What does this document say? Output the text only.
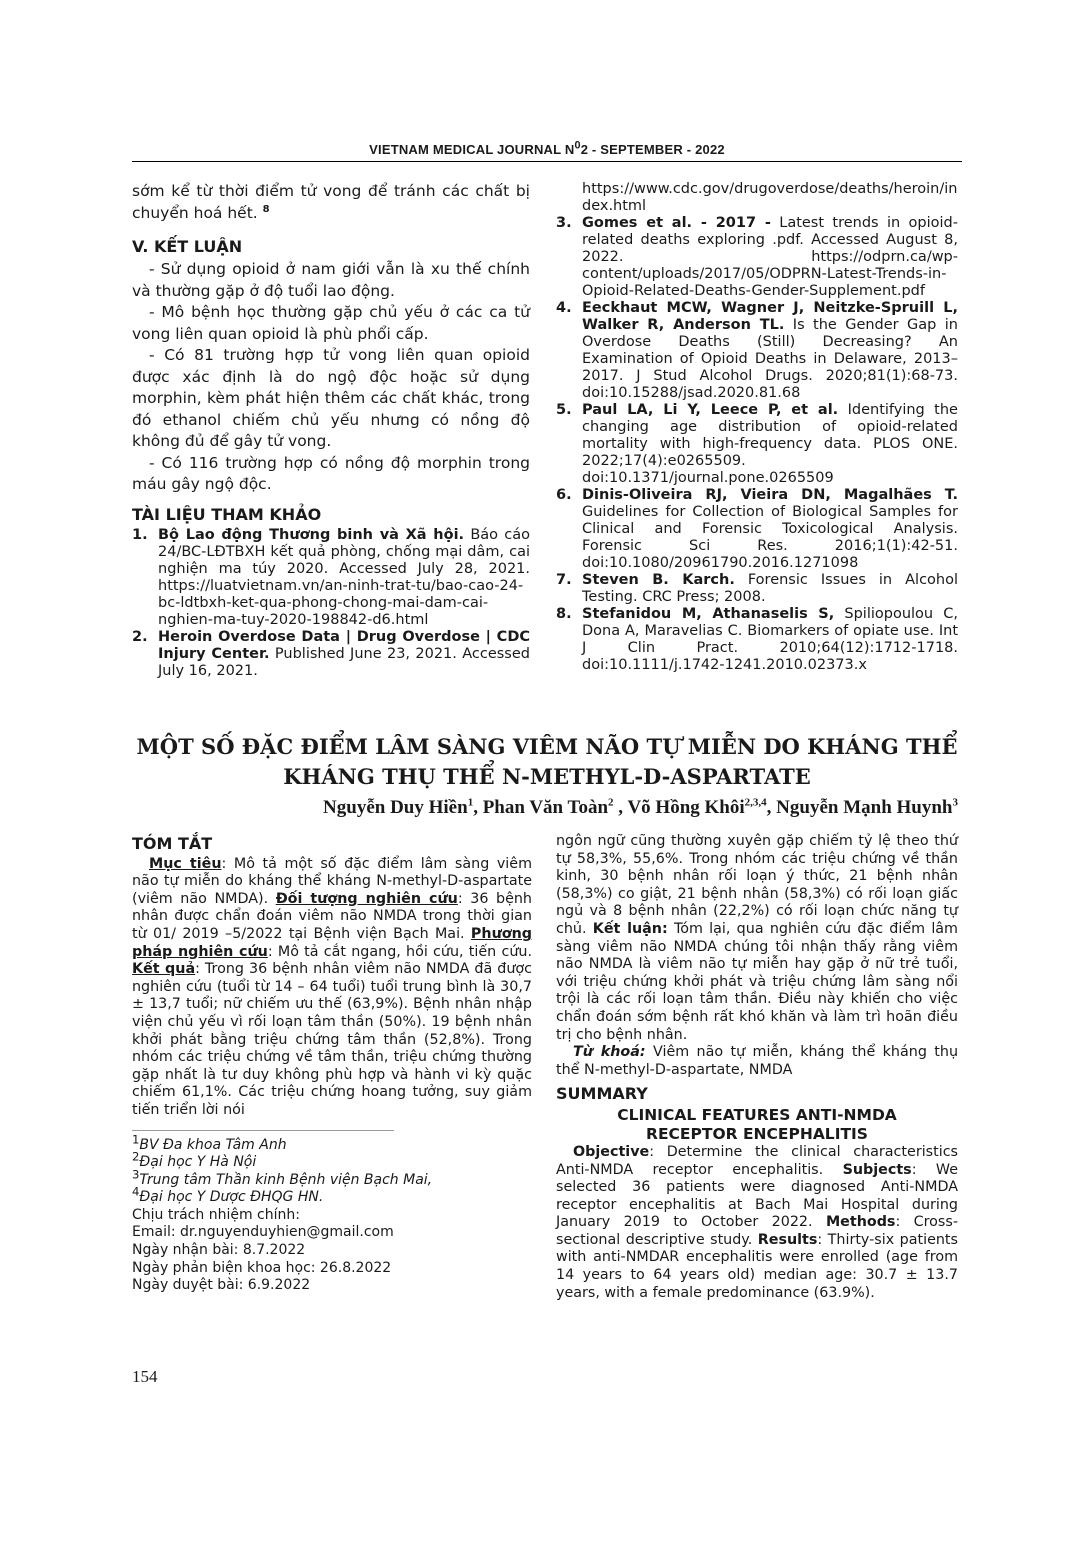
VIETNAM MEDICAL JOURNAL $N^02$ - SEPTEMBER - 2022
sớm kể từ thời điểm tử vong để tránh các chất bị chuyển hoá hết. $^8$
V. KẾT LUẬN
- Sử dụng opioid ở nam giới vẫn là xu thế chính và thường gặp ở độ tuổi lao động.
- Mô bệnh học thường gặp chủ yếu ở các ca tử vong liên quan opioid là phù phổi cấp.
- Có 81 trường hợp tử vong liên quan opioid được xác định là do ngộ độc hoặc sử dụng morphin, kèm phát hiện thêm các chất khác, trong đó ethanol chiếm chủ yếu nhưng có nồng độ không đủ để gây tử vong.
- Có 116 trường hợp có nồng độ morphin trong máu gây ngộ độc.
TÀI LIỆU THAM KHẢO
1. Bộ Lao động Thương binh và Xã hội. Báo cáo 24/BC-LĐTBXH kết quả phòng, chống mại dâm, cai nghiện ma túy 2020. Accessed July 28, 2021. https://luatvietnam.vn/an-ninh-trat-tu/bao-cao-24-bc-ldtbxh-ket-qua-phong-chong-mai-dam-cai-nghien-ma-tuy-2020-198842-d6.html
2. Heroin Overdose Data | Drug Overdose | CDC Injury Center. Published June 23, 2021. Accessed July 16, 2021.
https://www.cdc.gov/drugoverdose/deaths/heroin/index.html
3. Gomes et al. - 2017 - Latest trends in opioid-related deaths exploring .pdf. Accessed August 8, 2022. https://odprn.ca/wp-content/uploads/2017/05/ODPRN-Latest-Trends-in-Opioid-Related-Deaths-Gender-Supplement.pdf
4. Eeckhaut MCW, Wagner J, Neitzke-Spruill L, Walker R, Anderson TL. Is the Gender Gap in Overdose Deaths (Still) Decreasing? An Examination of Opioid Deaths in Delaware, 2013–2017. J Stud Alcohol Drugs. 2020;81(1):68-73. doi:10.15288/jsad.2020.81.68
5. Paul LA, Li Y, Leece P, et al. Identifying the changing age distribution of opioid-related mortality with high-frequency data. PLOS ONE. 2022;17(4):e0265509. doi:10.1371/journal.pone.0265509
6. Dinis-Oliveira RJ, Vieira DN, Magalhães T. Guidelines for Collection of Biological Samples for Clinical and Forensic Toxicological Analysis. Forensic Sci Res. 2016;1(1):42-51. doi:10.1080/20961790.2016.1271098
7. Steven B. Karch. Forensic Issues in Alcohol Testing. CRC Press; 2008.
8. Stefanidou M, Athanaselis S, Spiliopoulou C, Dona A, Maravelias C. Biomarkers of opiate use. Int J Clin Pract. 2010;64(12):1712-1718. doi:10.1111/j.1742-1241.2010.02373.x
MỘT SỐ ĐẶC ĐIỂM LÂM SÀNG VIÊM NÃO TỰ MIỄN DO KHÁNG THỂ
KHÁNG THỤ THỂ N-METHYL-D-ASPARTATE
Nguyễn Duy Hiền$^1$, Phan Văn Toàn$^2$ , Võ Hồng Khôi$^{2,3,4}$, Nguyễn Mạnh Huynh$^3$
TÓM TẮT
Mục tiêu: Mô tả một số đặc điểm lâm sàng viêm não tự miễn do kháng thể kháng N-methyl-D-aspartate (viêm não NMDA). Đối tượng nghiên cứu: 36 bệnh nhân được chẩn đoán viêm não NMDA trong thời gian từ 01/ 2019 –5/2022 tại Bệnh viện Bạch Mai. Phương pháp nghiên cứu: Mô tả cắt ngang, hồi cứu, tiến cứu. Kết quả: Trong 36 bệnh nhân viêm não NMDA đã được nghiên cứu (tuổi từ 14 – 64 tuổi) tuổi trung bình là 30,7 ± 13,7 tuổi; nữ chiếm ưu thế (63,9%). Bệnh nhân nhập viện chủ yếu vì rối loạn tâm thần (50%). 19 bệnh nhân khởi phát bằng triệu chứng tâm thần (52,8%). Trong nhóm các triệu chứng về tâm thần, triệu chứng thường gặp nhất là tư duy không phù hợp và hành vi kỳ quặc chiếm 61,1%. Các triệu chứng hoang tưởng, suy giảm tiến triển lời nói
$^1$BV Đa khoa Tâm Anh
$^2$Đại học Y Hà Nội
$^3$Trung tâm Thần kinh Bệnh viện Bạch Mai,
$^4$Đại học Y Dược ĐHQG HN.
Chịu trách nhiệm chính:
Email: dr.nguyenduyhien@gmail.com
Ngày nhận bài: 8.7.2022
Ngày phản biện khoa học: 26.8.2022
Ngày duyệt bài: 6.9.2022
ngôn ngữ cũng thường xuyên gặp chiếm tỷ lệ theo thứ tự 58,3%, 55,6%. Trong nhóm các triệu chứng về thần kinh, 30 bệnh nhân rối loạn ý thức, 21 bệnh nhân (58,3%) co giật, 21 bệnh nhân (58,3%) có rối loạn giấc ngủ và 8 bệnh nhân (22,2%) có rối loạn chức năng tự chủ. Kết luận: Tóm lại, qua nghiên cứu đặc điểm lâm sàng viêm não NMDA chúng tôi nhận thấy rằng viêm não NMDA là viêm não tự miễn hay gặp ở nữ trẻ tuổi, với triệu chứng khởi phát và triệu chứng lâm sàng nổi trội là các rối loạn tâm thần. Điều này khiến cho việc chẩn đoán sớm bệnh rất khó khăn và làm trì hoãn điều trị cho bệnh nhân.
Từ khoá: Viêm não tự miễn, kháng thể kháng thụ thể N-methyl-D-aspartate, NMDA
SUMMARY
CLINICAL FEATURES ANTI-NMDA
RECEPTOR ENCEPHALITIS
Objective: Determine the clinical characteristics Anti-NMDA receptor encephalitis. Subjects: We selected 36 patients were diagnosed Anti-NMDA receptor encephalitis at Bach Mai Hospital during January 2019 to October 2022. Methods: Cross-sectional descriptive study. Results: Thirty-six patients with anti-NMDAR encephalitis were enrolled (age from 14 years to 64 years old) median age: 30.7 ± 13.7 years, with a female predominance (63.9%).
154
